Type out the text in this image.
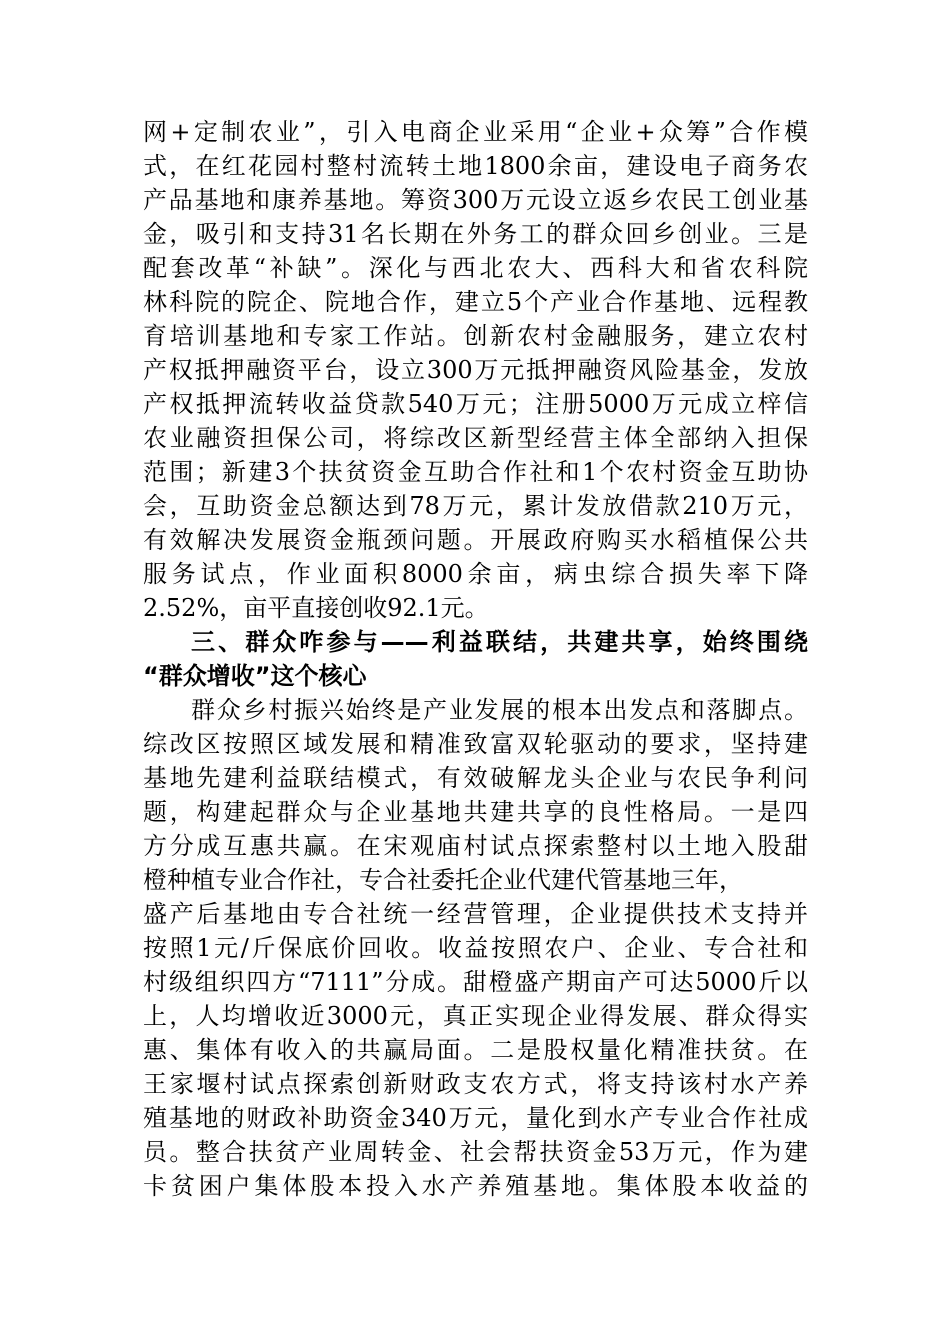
网+定制农业”，引入电商企业采用“企业+众筹”合作模
式，在红花园村整村流转土地1800余亩，建设电子商务农
产品基地和康养基地。筹资300万元设立返乡农民工创业基
金，吸引和支持31名长期在外务工的群众回乡创业。三是
配套改革“补缺”。深化与西北农大、西科大和省农科院
林科院的院企、院地合作，建立5个产业合作基地、远程教
育培训基地和专家工作站。创新农村金融服务，建立农村
产权抵押融资平台，设立300万元抵押融资风险基金，发放
产权抵押流转收益贷款540万元；注册5000万元成立梓信
农业融资担保公司，将综改区新型经营主体全部纳入担保
范围；新建3个扶贫资金互助合作社和1个农村资金互助协
会，互助资金总额达到78万元，累计发放借款210万元，
有效解决发展资金瓶颈问题。开展政府购买水稻植保公共
服务试点，作业面积8000余亩，病虫综合损失率下降
2.52%，亩平直接创收92.1元。
三、群众咋参与——利益联结，共建共享，始终围绕
“群众增收”这个核心
群众乡村振兴始终是产业发展的根本出发点和落脚点。
综改区按照区域发展和精准致富双轮驱动的要求，坚持建
基地先建利益联结模式，有效破解龙头企业与农民争利问
题，构建起群众与企业基地共建共享的良性格局。一是四
方分成互惠共赢。在宋观庙村试点探索整村以土地入股甜
橙种植专业合作社，专合社委托企业代建代管基地三年，
盛产后基地由专合社统一经营管理，企业提供技术支持并
按照1元/斤保底价回收。收益按照农户、企业、专合社和
村级组织四方“7111”分成。甜橙盛产期亩产可达5000斤以
上，人均增收近3000元，真正实现企业得发展、群众得实
惠、集体有收入的共赢局面。二是股权量化精准扶贫。在
王家堰村试点探索创新财政支农方式，将支持该村水产养
殖基地的财政补助资金340万元，量化到水产专业合作社成
员。整合扶贫产业周转金、社会帮扶资金53万元，作为建
卡贫困户集体股本投入水产养殖基地。集体股本收益的
